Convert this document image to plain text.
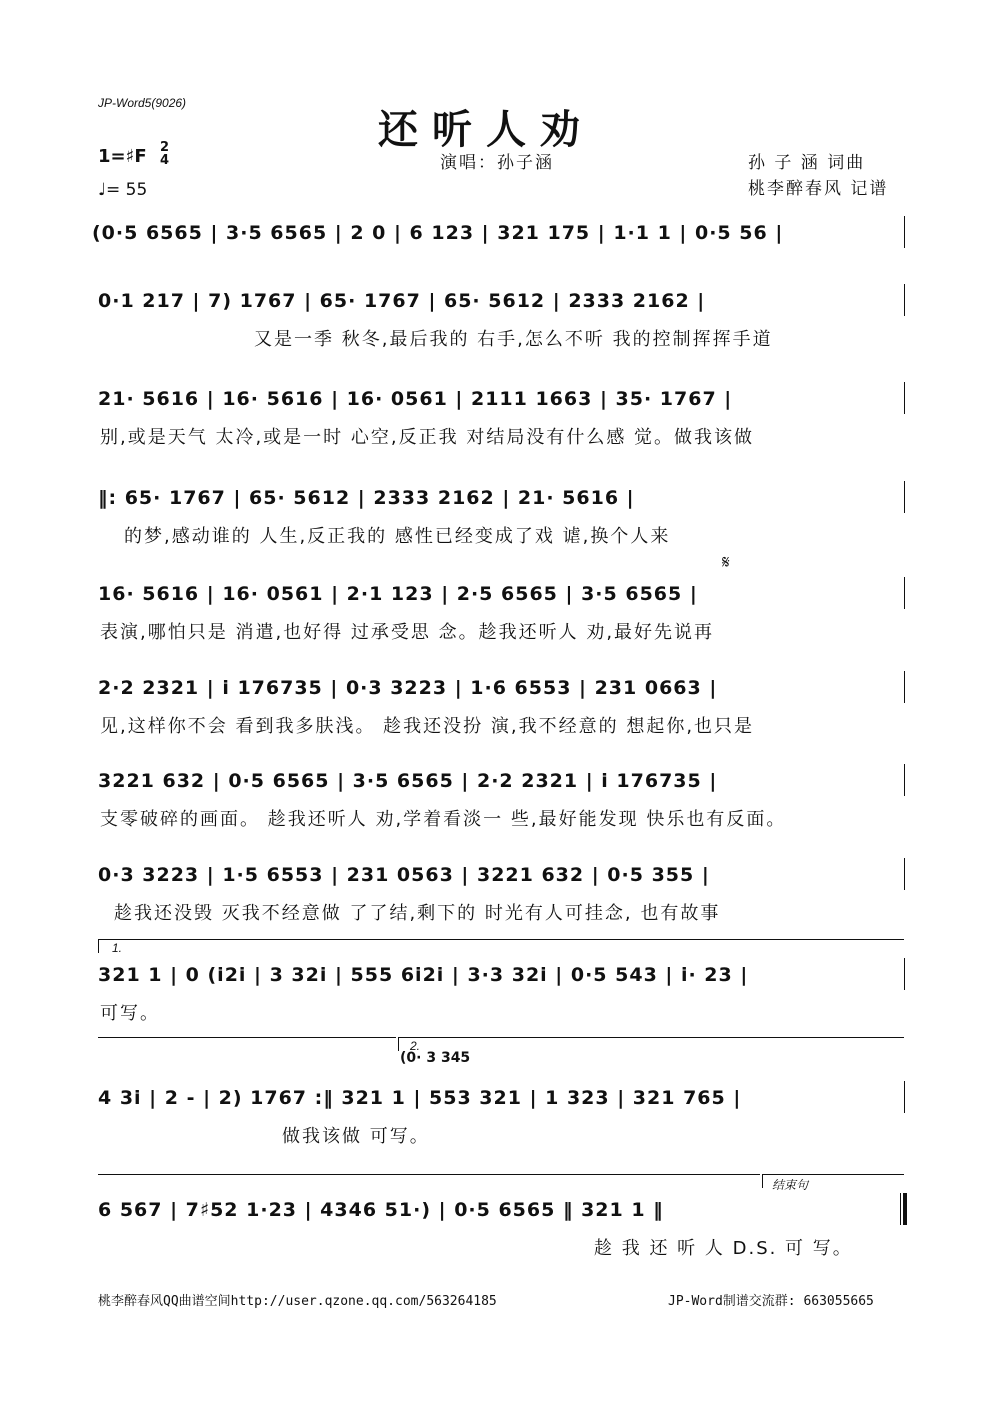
JP-Word5(9026)
还听人劝
1=♯F 2
4
♩= 55
演唱：孙子涵	孙 子 涵 词曲
桃李醉春风 记谱
(0·5 6565 | 3·5 6565 | 2 0 | 6 123 | 321 175 | 1·1 1 | 0·5 56 |
0·1 217 | 7) 1767 | 65· 1767 | 65· 5612 | 2333 2162 |
又是一季 秋冬,最后我的 右手,怎么不听 我的控制挥挥手道
21· 5616 | 16· 5616 | 16· 0561 | 2111 1663 | 35· 1767 |
别,或是天气 太冷,或是一时 心空,反正我 对结局没有什么感 觉。做我该做
‖: 65· 1767 | 65· 5612 | 2333 2162 | 21· 5616 |
的梦,感动谁的 人生,反正我的 感性已经变成了戏 谑,换个人来
𝄋
16· 5616 | 16· 0561 | 2·1 123 | 2·5 6565 | 3·5 6565 |
表演,哪怕只是 消遣,也好得 过承受思 念。趁我还听人 劝,最好先说再
2·2 2321 | i 176735 | 0·3 3223 | 1·6 6553 | 231 0663 |
见,这样你不会 看到我多肤浅。 趁我还没扮 演,我不经意的 想起你,也只是
3221 632 | 0·5 6565 | 3·5 6565 | 2·2 2321 | i 176735 |
支零破碎的画面。 趁我还听人 劝,学着看淡一 些,最好能发现 快乐也有反面。
0·3 3223 | 1·5 6553 | 231 0563 | 3221 632 | 0·5 355 |
趁我还没毁 灭我不经意做 了了结,剩下的 时光有人可挂念, 也有故事
1.
321 1 | 0 (i2i | 3 32i | 555 6i2i | 3·3 32i | 0·5 543 | i· 23 |
可写。
2.
(0· 3 345
4 3i | 2 - | 2) 1767 :‖ 321 1 | 553 321 | 1 323 | 321 765 |
做我该做 可写。
结束句
6 567 | 7♯52 1·23 | 4346 51·) | 0·5 6565 ‖ 321 1 ‖
趁 我 还 听 人 D.S. 可 写。
桃李醉春风QQ曲谱空间http://user.qzone.qq.com/563264185	JP-Word制谱交流群: 663055665
